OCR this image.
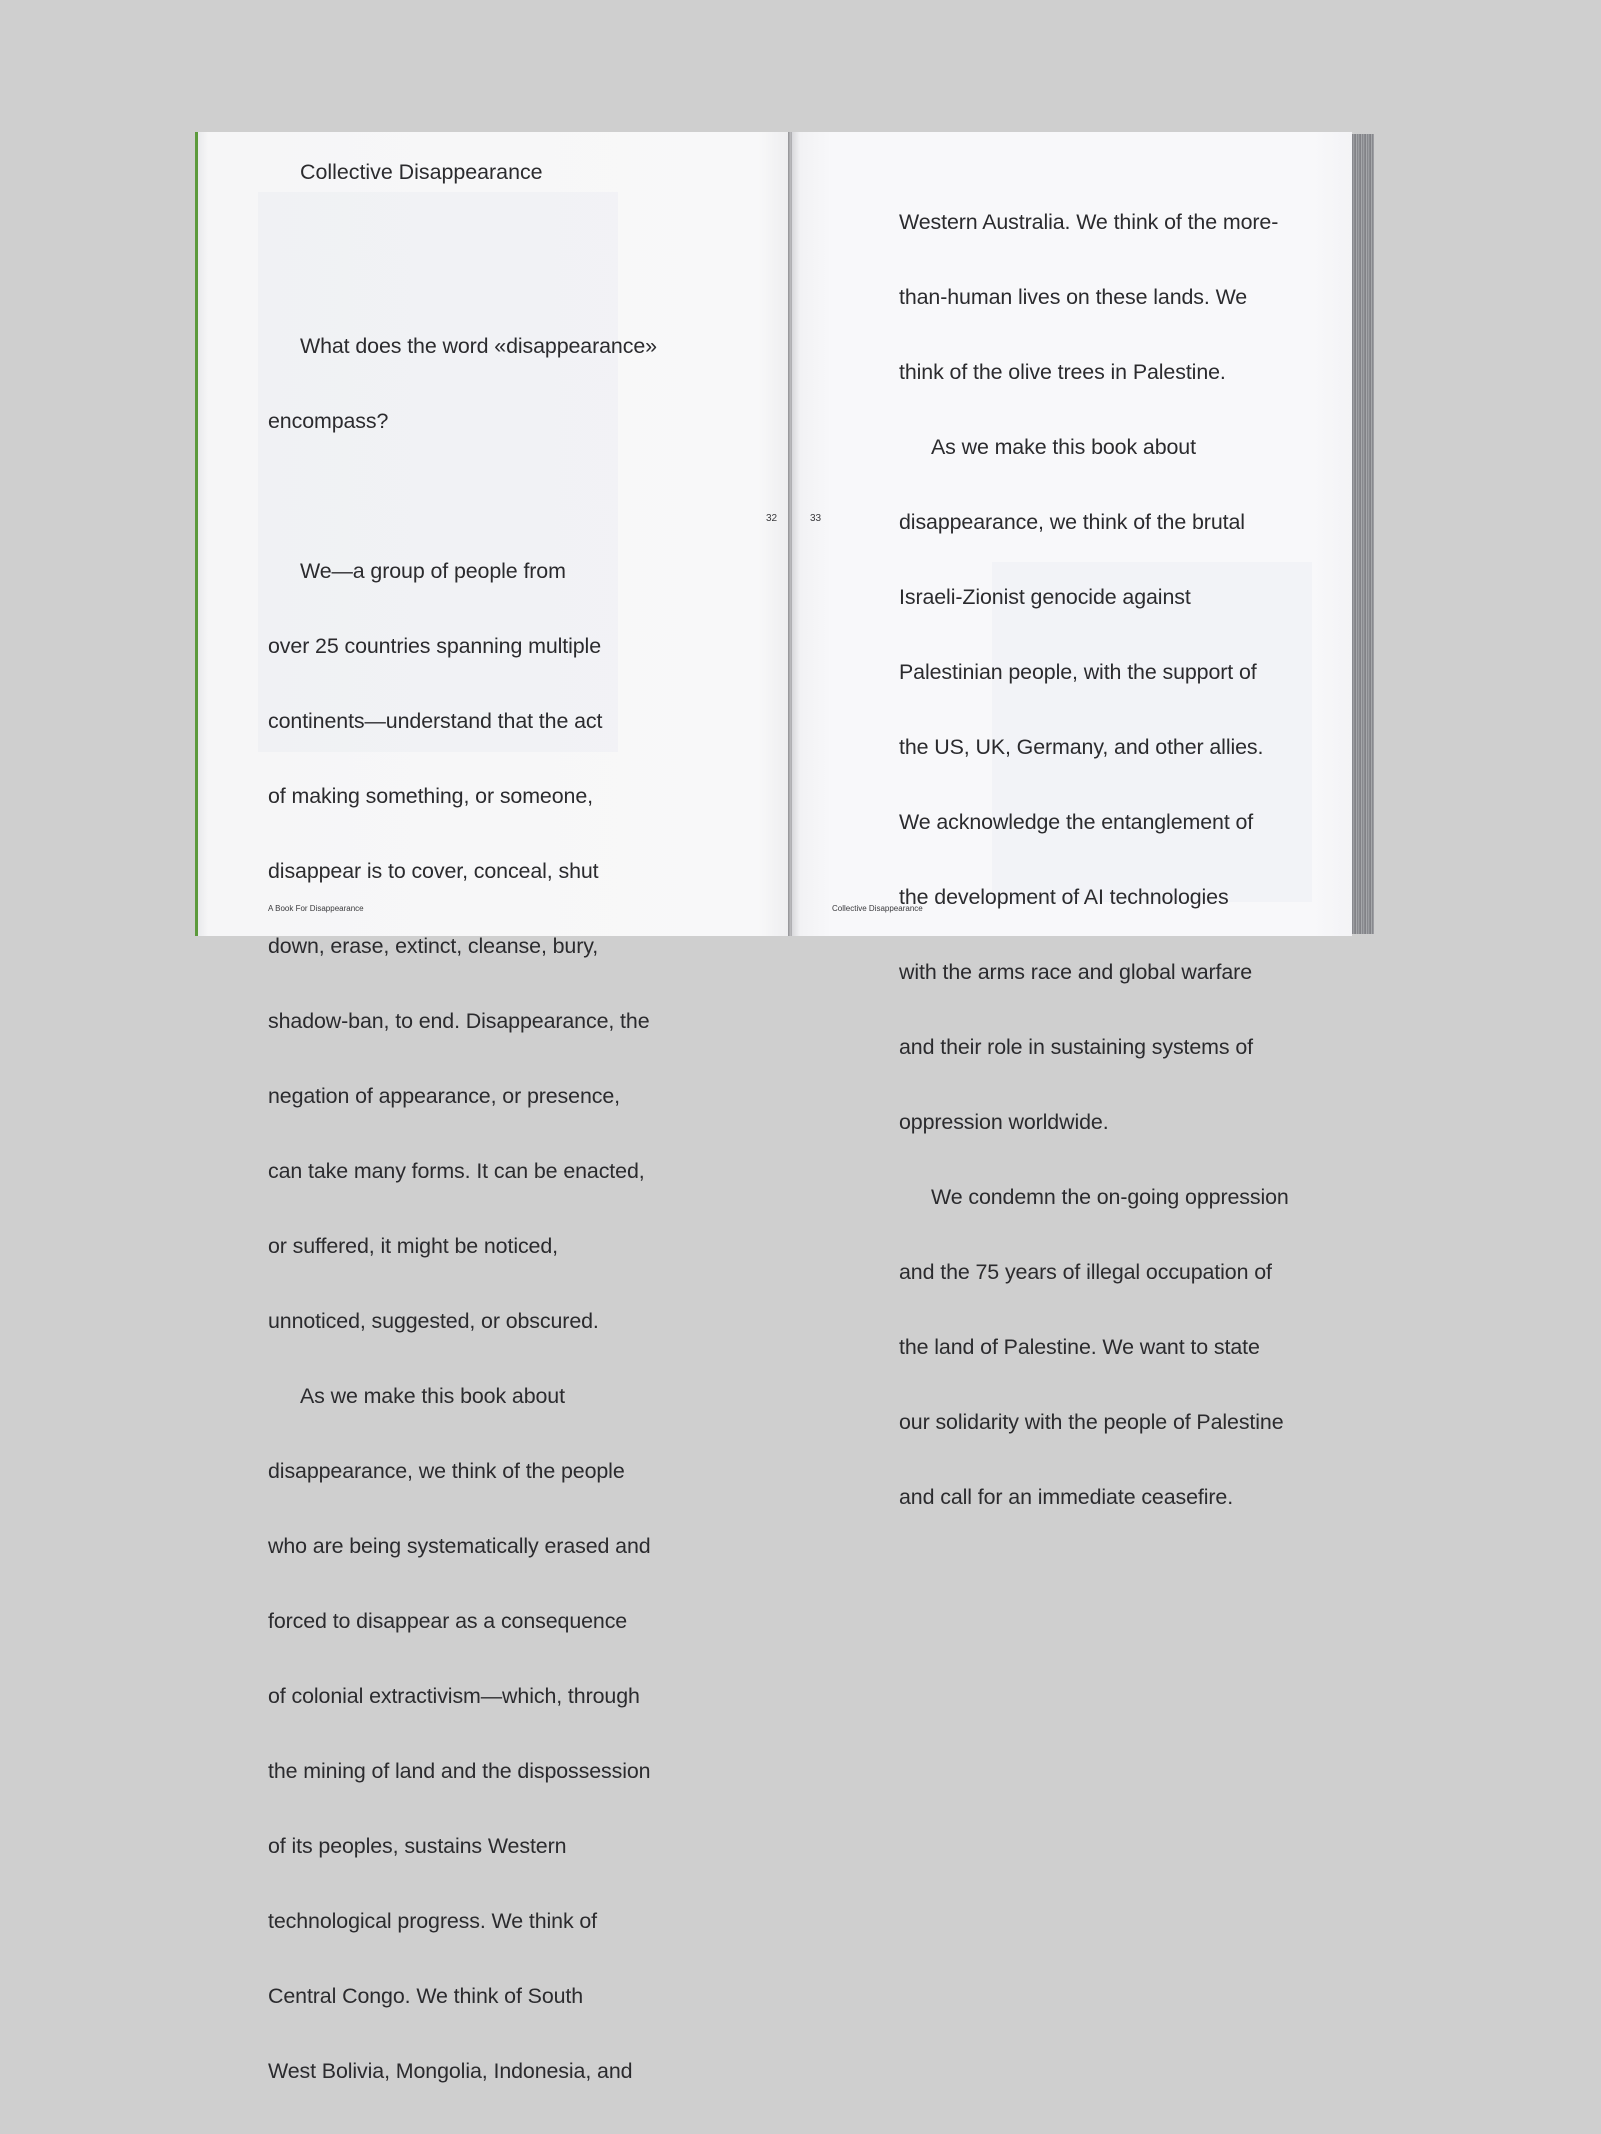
Collective Disappearance

What does the word «disappearance»

encompass?

We—a group of people from

over 25 countries spanning multiple

continents—understand that the act

of making something, or someone,

disappear is to cover, conceal, shut

down, erase, extinct, cleanse, bury,

shadow-ban, to end. Disappearance, the

negation of appearance, or presence,

can take many forms. It can be enacted,

or suffered, it might be noticed,

unnoticed, suggested, or obscured.

As we make this book about

disappearance, we think of the people

who are being systematically erased and

forced to disappear as a consequence

of colonial extractivism—which, through

the mining of land and the dispossession

of its peoples, sustains Western

technological progress. We think of

Central Congo. We think of South

West Bolivia, Mongolia, Indonesia, and

A Book For Disappearance

Western Australia. We think of the more-

than-human lives on these lands. We

think of the olive trees in Palestine.

As we make this book about

disappearance, we think of the brutal

Israeli-Zionist genocide against

Palestinian people, with the support of

the US, UK, Germany, and other allies.

We acknowledge the entanglement of

the development of AI technologies

with the arms race and global warfare

and their role in sustaining systems of

oppression worldwide.

We condemn the on-going oppression

and the 75 years of illegal occupation of

the land of Palestine. We want to state

our solidarity with the people of Palestine

and call for an immediate ceasefire.

Collective Disappearance
32	33
